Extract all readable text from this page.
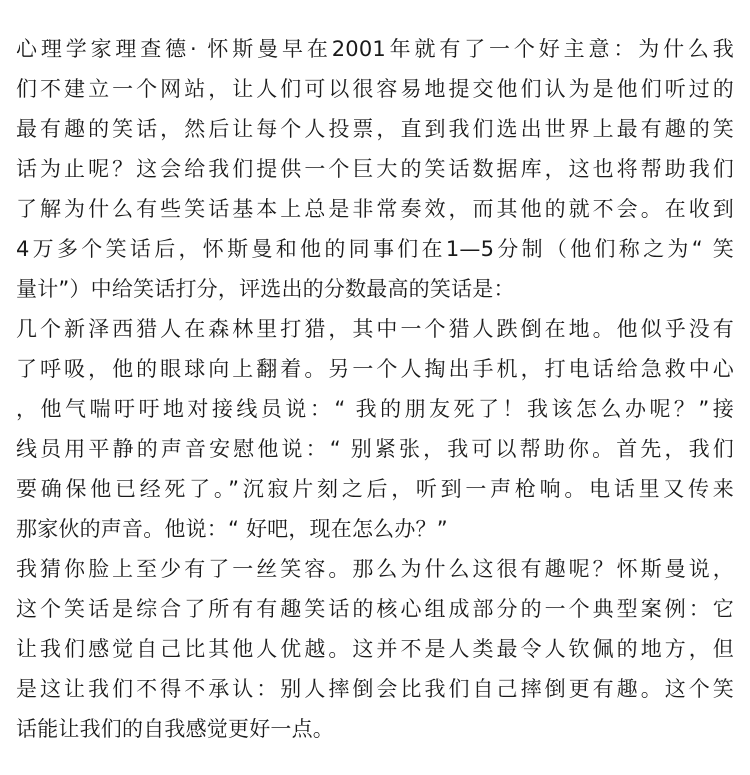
心理学家理查德· 怀斯曼早在2001年就有了一个好主意：为什么我
们不建立一个网站，让人们可以很容易地提交他们认为是他们听过的
最有趣的笑话，然后让每个人投票，直到我们选出世界上最有趣的笑
话为止呢？这会给我们提供一个巨大的笑话数据库，这也将帮助我们
了解为什么有些笑话基本上总是非常奏效，而其他的就不会。在收到
4万多个笑话后，怀斯曼和他的同事们在1—5分制（他们称之为“ 笑
量计”）中给笑话打分，评选出的分数最高的笑话是：
几个新泽西猎人在森林里打猎，其中一个猎人跌倒在地。他似乎没有
了呼吸，他的眼球向上翻着。另一个人掏出手机，打电话给急救中心
，他气喘吁吁地对接线员说：“ 我的朋友死了！我该怎么办呢？”接
线员用平静的声音安慰他说：“ 别紧张，我可以帮助你。首先，我们
要确保他已经死了。”沉寂片刻之后，听到一声枪响。电话里又传来
那家伙的声音。他说：“ 好吧，现在怎么办？”
我猜你脸上至少有了一丝笑容。那么为什么这很有趣呢？怀斯曼说，
这个笑话是综合了所有有趣笑话的核心组成部分的一个典型案例：它
让我们感觉自己比其他人优越。这并不是人类最令人钦佩的地方，但
是这让我们不得不承认：别人摔倒会比我们自己摔倒更有趣。这个笑
话能让我们的自我感觉更好一点。
